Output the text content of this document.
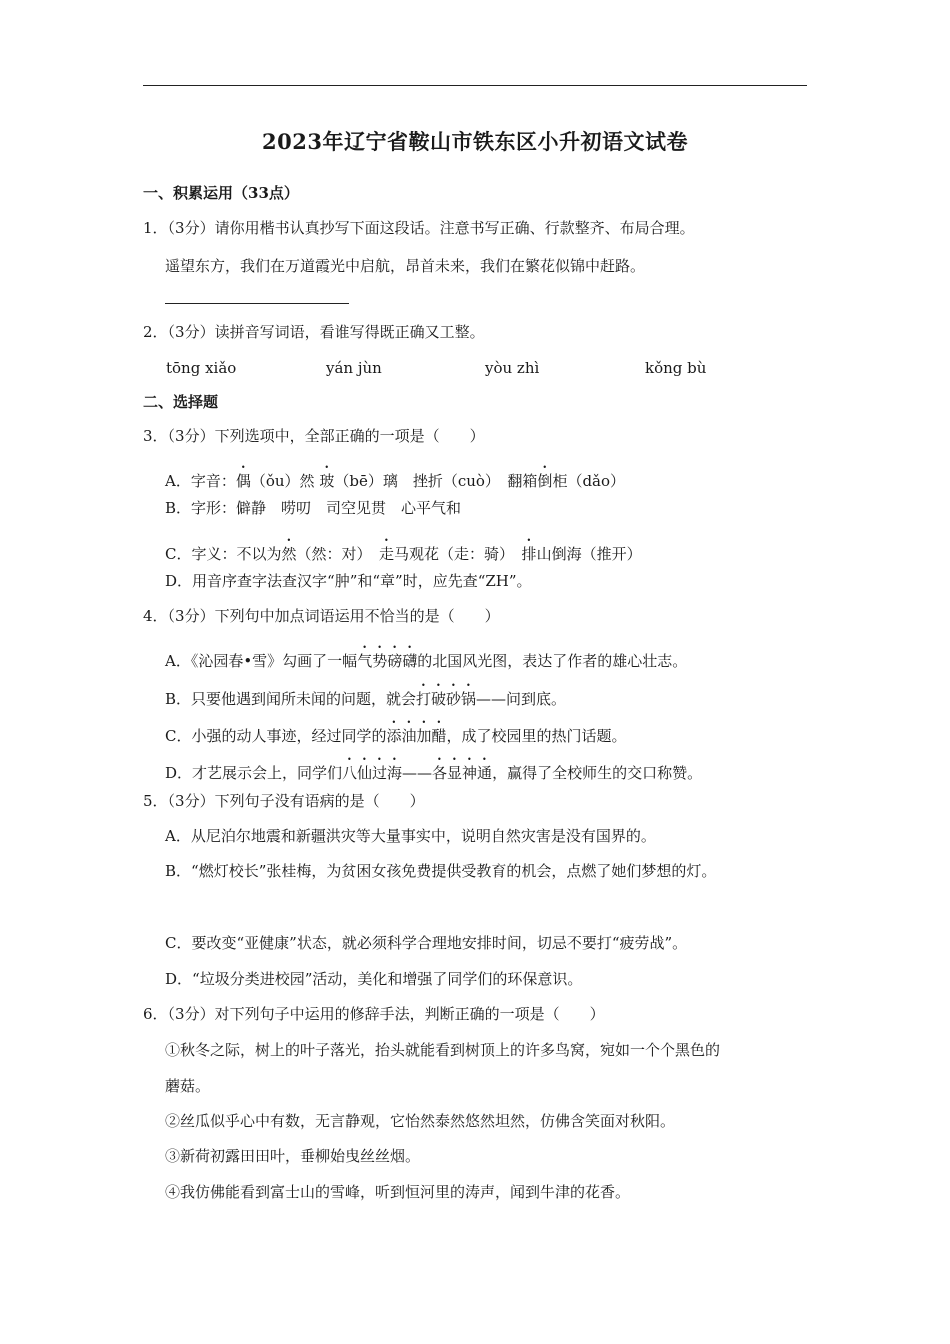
2023年辽宁省鞍山市铁东区小升初语文试卷
一、积累运用（33点）
1．（3分）请你用楷书认真抄写下面这段话。注意书写正确、行款整齐、布局合理。
遥望东方，我们在万道霞光中启航，昂首未来，我们在繁花似锦中赶路。
2．（3分）读拼音写词语，看谁写得既正确又工整。
tōng xiǎo	yán jùn	yòu zhì	kǒng bù
二、选择题
3．（3分）下列选项中，全部正确的一项是（　　）
A．字音：偶（ǒu）然 玻（bē）璃　挫折（cuò）　翻箱倒柜（dǎo）
B．字形：僻静　唠叨　司空见贯　心平气和
C．字义：不以为然（然：对）　走马观花（走：骑）　排山倒海（推开）
D．用音序查字法查汉字“肿”和“章”时，应先查“ZH”。
4．（3分）下列句中加点词语运用不恰当的是（　　）
A．《沁园春•雪》勾画了一幅气势磅礴的北国风光图，表达了作者的雄心壮志。
B．只要他遇到闻所未闻的问题，就会打破砂锅——问到底。
C．小强的动人事迹，经过同学的添油加醋，成了校园里的热门话题。
D．才艺展示会上，同学们八仙过海——各显神通，赢得了全校师生的交口称赞。
5．（3分）下列句子没有语病的是（　　）
A．从尼泊尔地震和新疆洪灾等大量事实中，说明自然灾害是没有国界的。
B．“燃灯校长”张桂梅，为贫困女孩免费提供受教育的机会，点燃了她们梦想的灯。
C．要改变“亚健康”状态，就必须科学合理地安排时间，切忌不要打“疲劳战”。
D．“垃圾分类进校园”活动，美化和增强了同学们的环保意识。
6．（3分）对下列句子中运用的修辞手法，判断正确的一项是（　　）
①秋冬之际，树上的叶子落光，抬头就能看到树顶上的许多鸟窝，宛如一个个黑色的
蘑菇。
②丝瓜似乎心中有数，无言静观，它怡然泰然悠然坦然，仿佛含笑面对秋阳。
③新荷初露田田叶，垂柳始曳丝丝烟。
④我仿佛能看到富士山的雪峰，听到恒河里的涛声，闻到牛津的花香。
